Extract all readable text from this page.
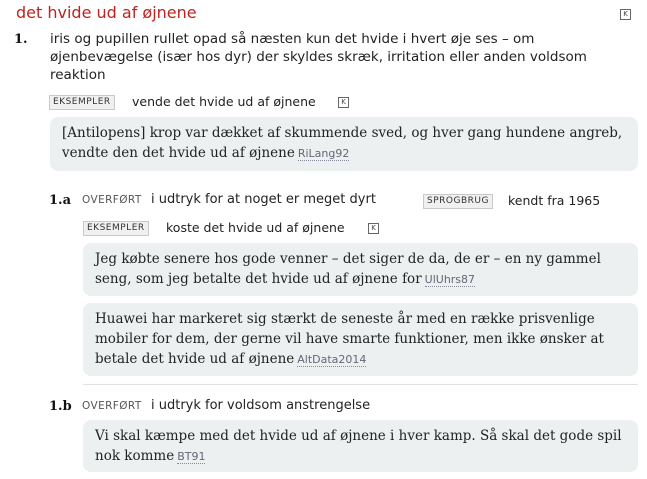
det hvide ud af øjnene	K
1. iris og pupillen rullet opad så næsten kun det hvide i hvert øje ses – om øjenbevægelse (især hos dyr) der skyldes skræk, irritation eller anden voldsom reaktion
EKSEMPLER	vende det hvide ud af øjnene	K
[Antilopens] krop var dækket af skummende sved, og hver gang hundene angreb, vendte den det hvide ud af øjnene RiLang92
1.a OVERFØRT i udtryk for at noget er meget dyrt	SPROGBRUG	kendt fra 1965
EKSEMPLER	koste det hvide ud af øjnene	K
Jeg købte senere hos gode venner – det siger de da, de er – en ny gammel seng, som jeg betalte det hvide ud af øjnene for UlUhrs87
Huawei har markeret sig stærkt de seneste år med en række prisvenlige mobiler for dem, der gerne vil have smarte funktioner, men ikke ønsker at betale det hvide ud af øjnene AltData2014
1.b OVERFØRT i udtryk for voldsom anstrengelse
Vi skal kæmpe med det hvide ud af øjnene i hver kamp. Så skal det gode spil nok komme BT91
